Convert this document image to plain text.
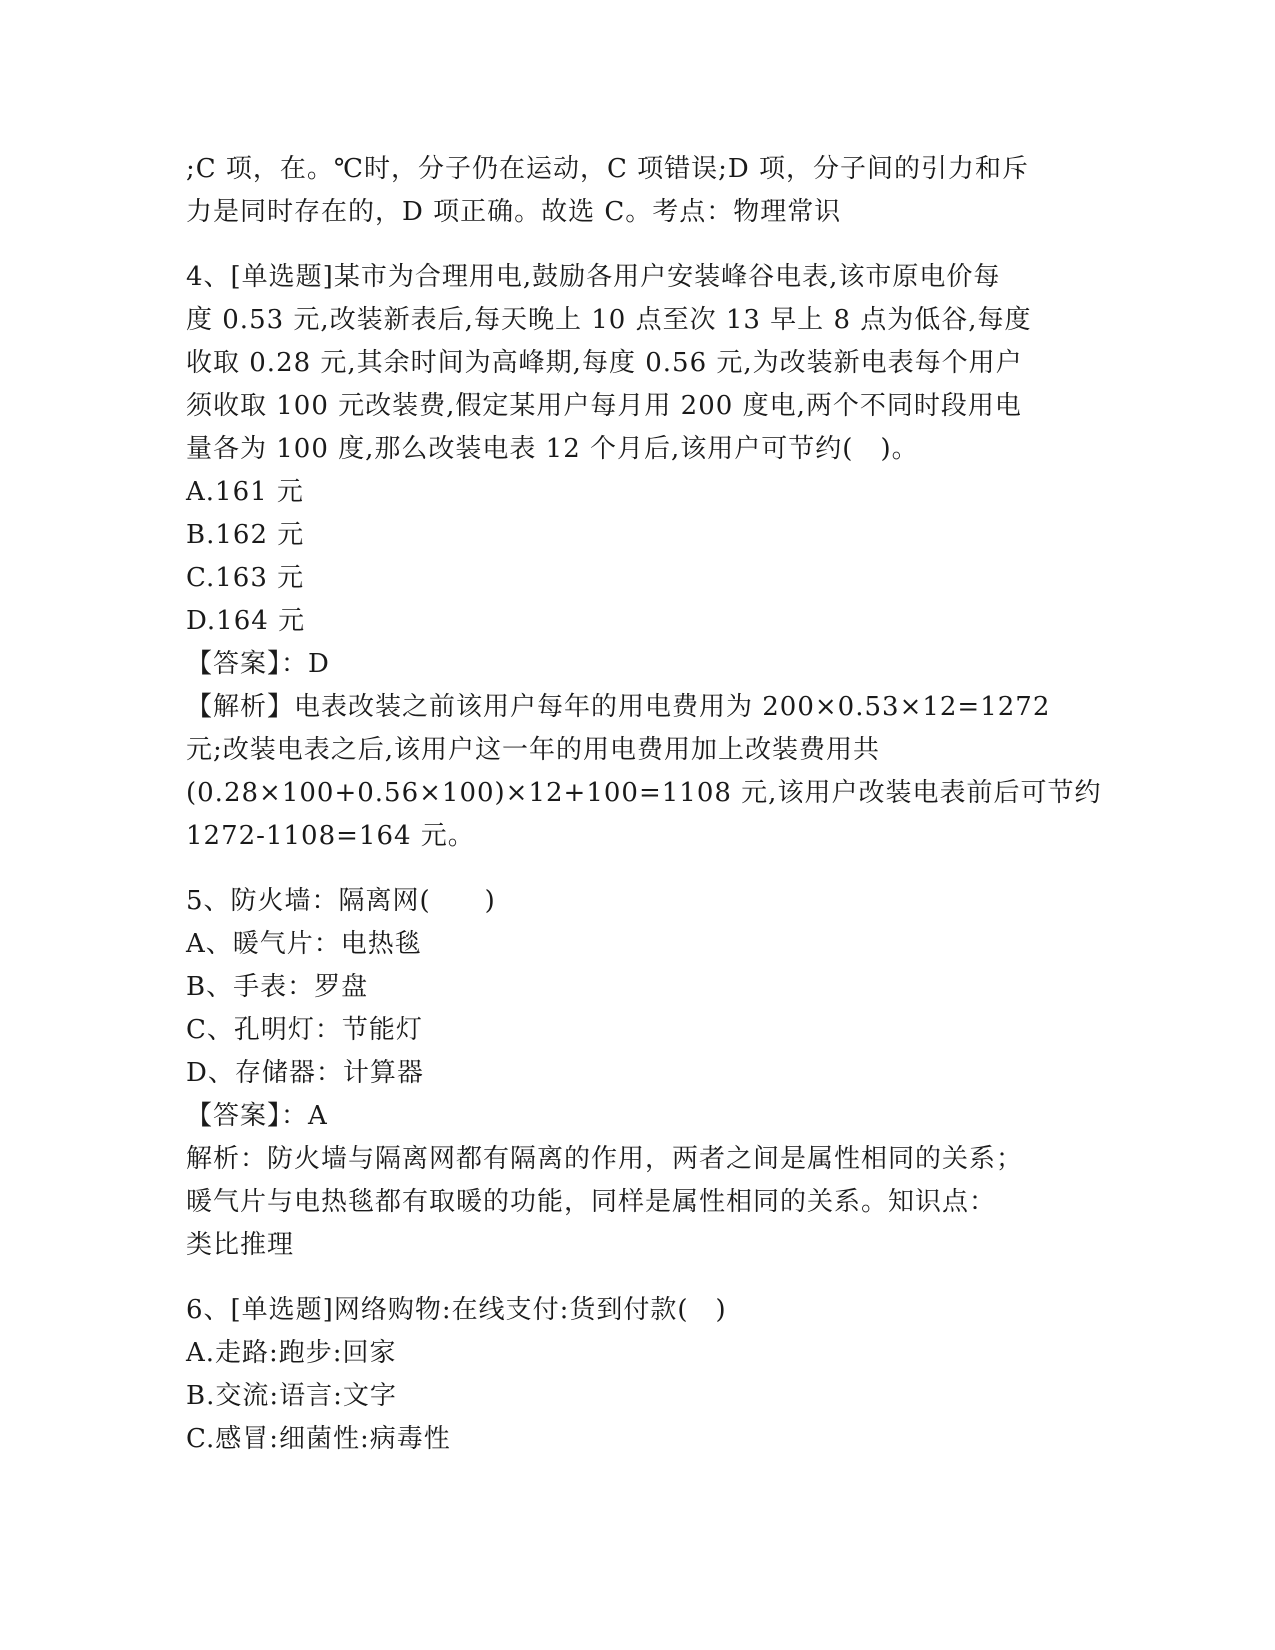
;C 项，在。℃时，分子仍在运动，C 项错误;D 项，分子间的引力和斥
力是同时存在的，D 项正确。故选 C。考点：物理常识
4、[单选题]某市为合理用电,鼓励各用户安装峰谷电表,该市原电价每
度 0.53 元,改装新表后,每天晚上 10 点至次 13 早上 8 点为低谷,每度
收取 0.28 元,其余时间为高峰期,每度 0.56 元,为改装新电表每个用户
须收取 100 元改装费,假定某用户每月用 200 度电,两个不同时段用电
量各为 100 度,那么改装电表 12 个月后,该用户可节约(　)。
A.161 元
B.162 元
C.163 元
D.164 元
【答案】：D
【解析】电表改装之前该用户每年的用电费用为 200×0.53×12=1272
元;改装电表之后,该用户这一年的用电费用加上改装费用共
(0.28×100+0.56×100)×12+100=1108 元,该用户改装电表前后可节约
1272-1108=164 元。
5、防火墙：隔离网(　　)
A、暖气片：电热毯
B、手表：罗盘
C、孔明灯：节能灯
D、存储器：计算器
【答案】：A
解析：防火墙与隔离网都有隔离的作用，两者之间是属性相同的关系；
暖气片与电热毯都有取暖的功能，同样是属性相同的关系。知识点：
类比推理
6、[单选题]网络购物:在线支付:货到付款(　)
A.走路:跑步:回家
B.交流:语言:文字
C.感冒:细菌性:病毒性
